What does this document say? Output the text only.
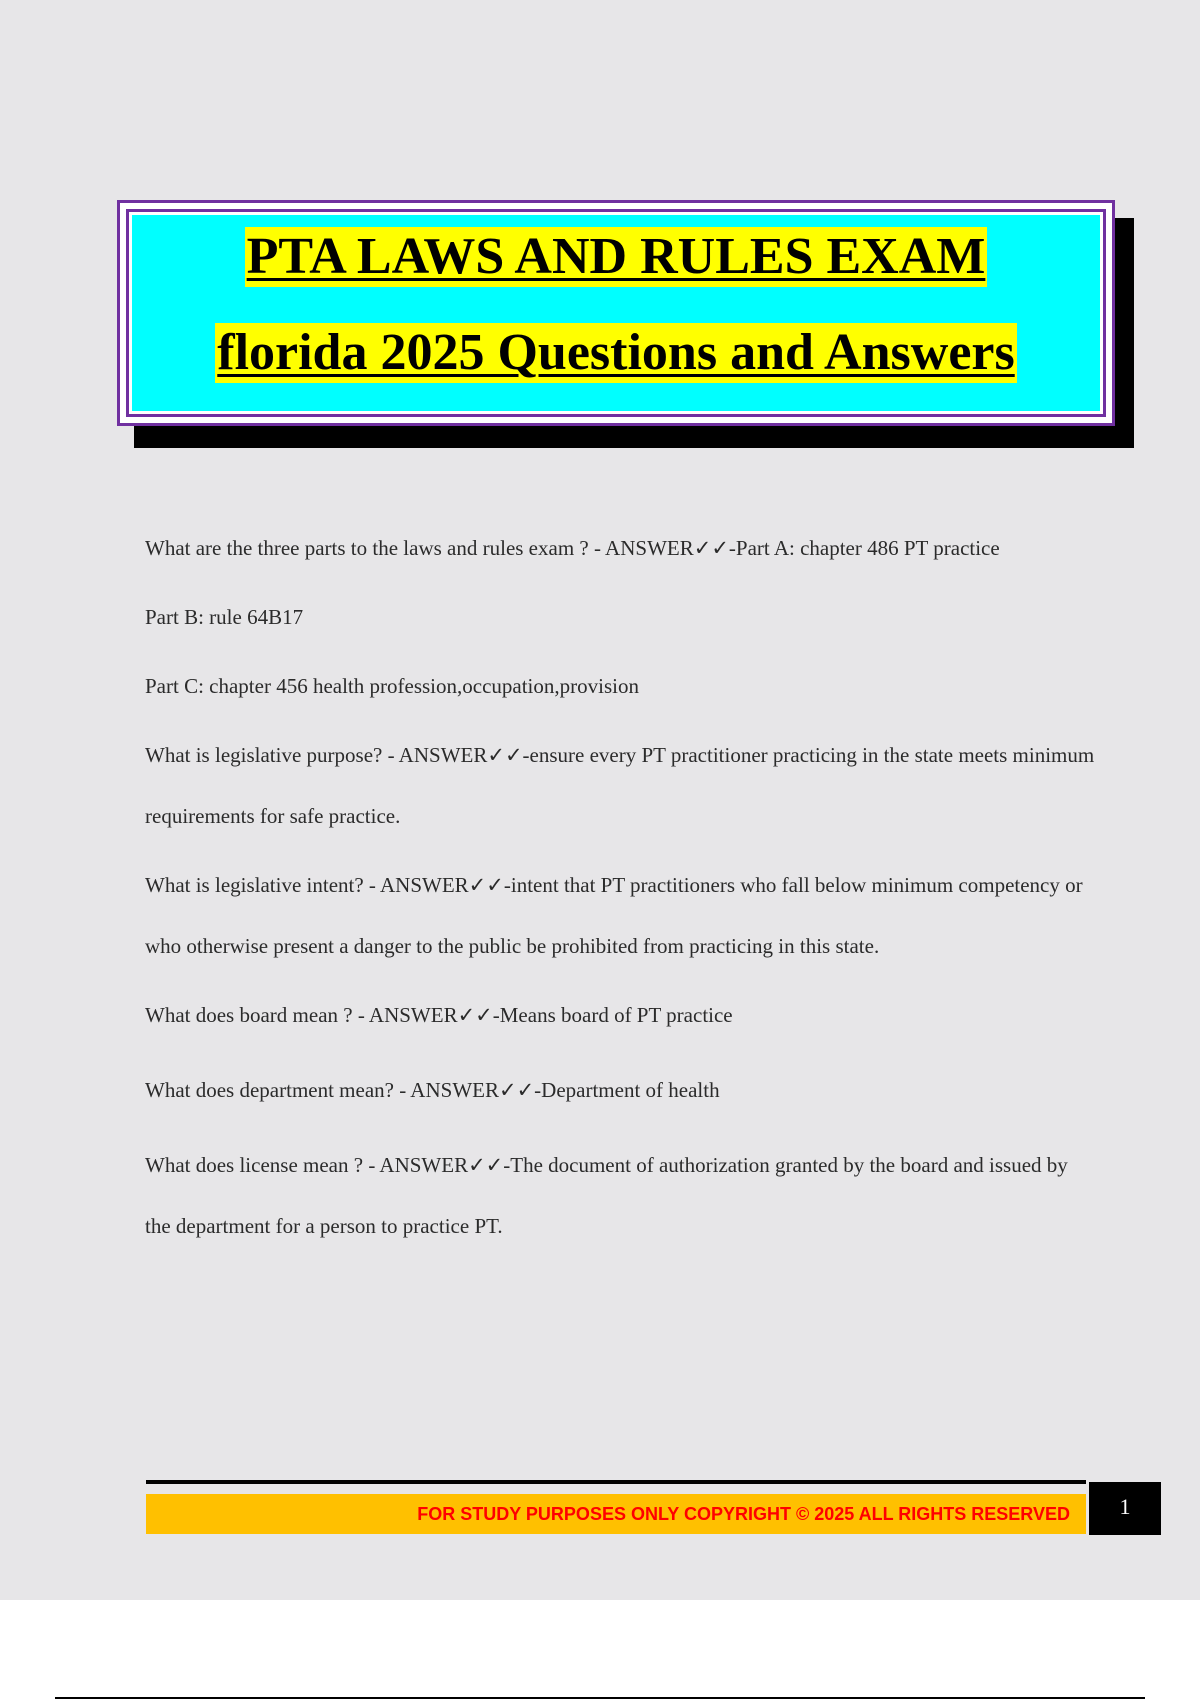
PTA LAWS AND RULES EXAM
florida 2025 Questions and Answers

What are the three parts to the laws and rules exam ? - ANSWER✓✓-Part A: chapter 486 PT practice

Part B: rule 64B17

Part C: chapter 456 health profession,occupation,provision

What is legislative purpose? - ANSWER✓✓-ensure every PT practitioner practicing in the state meets minimum requirements for safe practice.

What is legislative intent? - ANSWER✓✓-intent that PT practitioners who fall below minimum competency or who otherwise present a danger to the public be prohibited from practicing in this state.

What does board mean ? - ANSWER✓✓-Means board of PT practice

What does department mean? - ANSWER✓✓-Department of health

What does license mean ? - ANSWER✓✓-The document of authorization granted by the board and issued by the department for a person to practice PT.

FOR STUDY PURPOSES ONLY COPYRIGHT © 2025 ALL RIGHTS RESERVED	1
